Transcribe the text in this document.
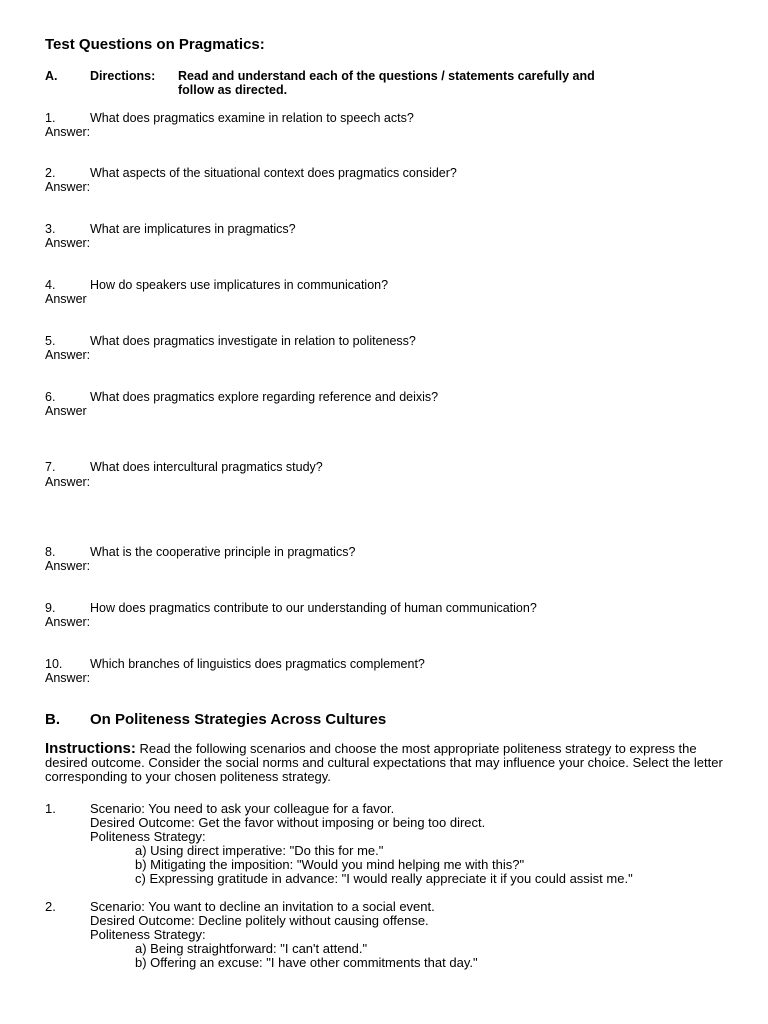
Test Questions on Pragmatics:
A.	Directions: Read and understand each of the questions / statements carefully and
follow as directed.
1.	What does pragmatics examine in relation to speech acts?
Answer:
2.	What aspects of the situational context does pragmatics consider?
Answer:
3.	What are implicatures in pragmatics?
Answer:
4.	How do speakers use implicatures in communication?
Answer
5.	What does pragmatics investigate in relation to politeness?
Answer:
6.	What does pragmatics explore regarding reference and deixis?
Answer
7.	What does intercultural pragmatics study?
Answer:
8.	What is the cooperative principle in pragmatics?
Answer:
9.	How does pragmatics contribute to our understanding of human communication?
Answer:
10. Which branches of linguistics does pragmatics complement?
Answer:
B. On Politeness Strategies Across Cultures
Instructions: Read the following scenarios and choose the most appropriate politeness strategy to express the desired outcome. Consider the social norms and cultural expectations that may influence your choice. Select the letter corresponding to your chosen politeness strategy.
1.	Scenario: You need to ask your colleague for a favor.
Desired Outcome: Get the favor without imposing or being too direct.
Politeness Strategy:
a) Using direct imperative: "Do this for me."
b) Mitigating the imposition: "Would you mind helping me with this?"
c) Expressing gratitude in advance: "I would really appreciate it if you could assist me."
2.	Scenario: You want to decline an invitation to a social event.
Desired Outcome: Decline politely without causing offense.
Politeness Strategy:
a) Being straightforward: "I can't attend."
b) Offering an excuse: "I have other commitments that day."
